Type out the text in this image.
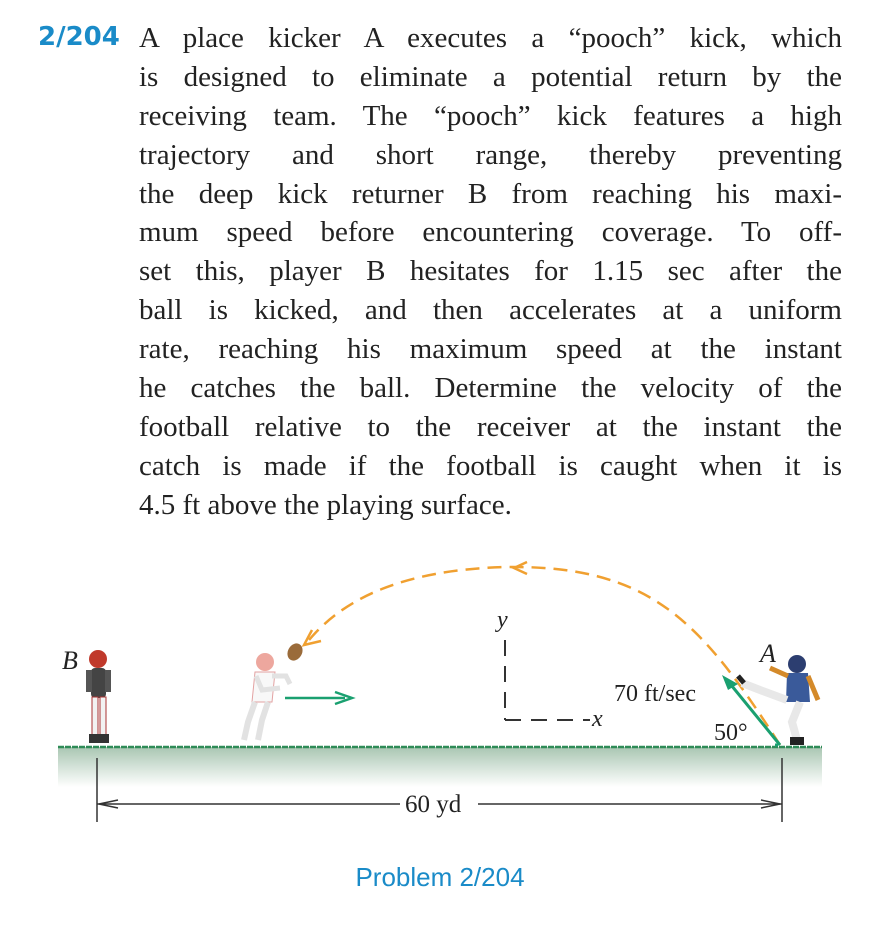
2/204 A place kicker A executes a “pooch” kick, which
is designed to eliminate a potential return by the
receiving team. The “pooch” kick features a high
trajectory and short range, thereby preventing
the deep kick returner B from reaching his maxi-
mum speed before encountering coverage. To off-
set this, player B hesitates for 1.15 sec after the
ball is kicked, and then accelerates at a uniform
rate, reaching his maximum speed at the instant
he catches the ball. Determine the velocity of the
football relative to the receiver at the instant the
catch is made if the football is caught when it is
4.5 ft above the playing surface.
B	A
y
x
70 ft/sec
50°
60 yd
Problem 2/204
